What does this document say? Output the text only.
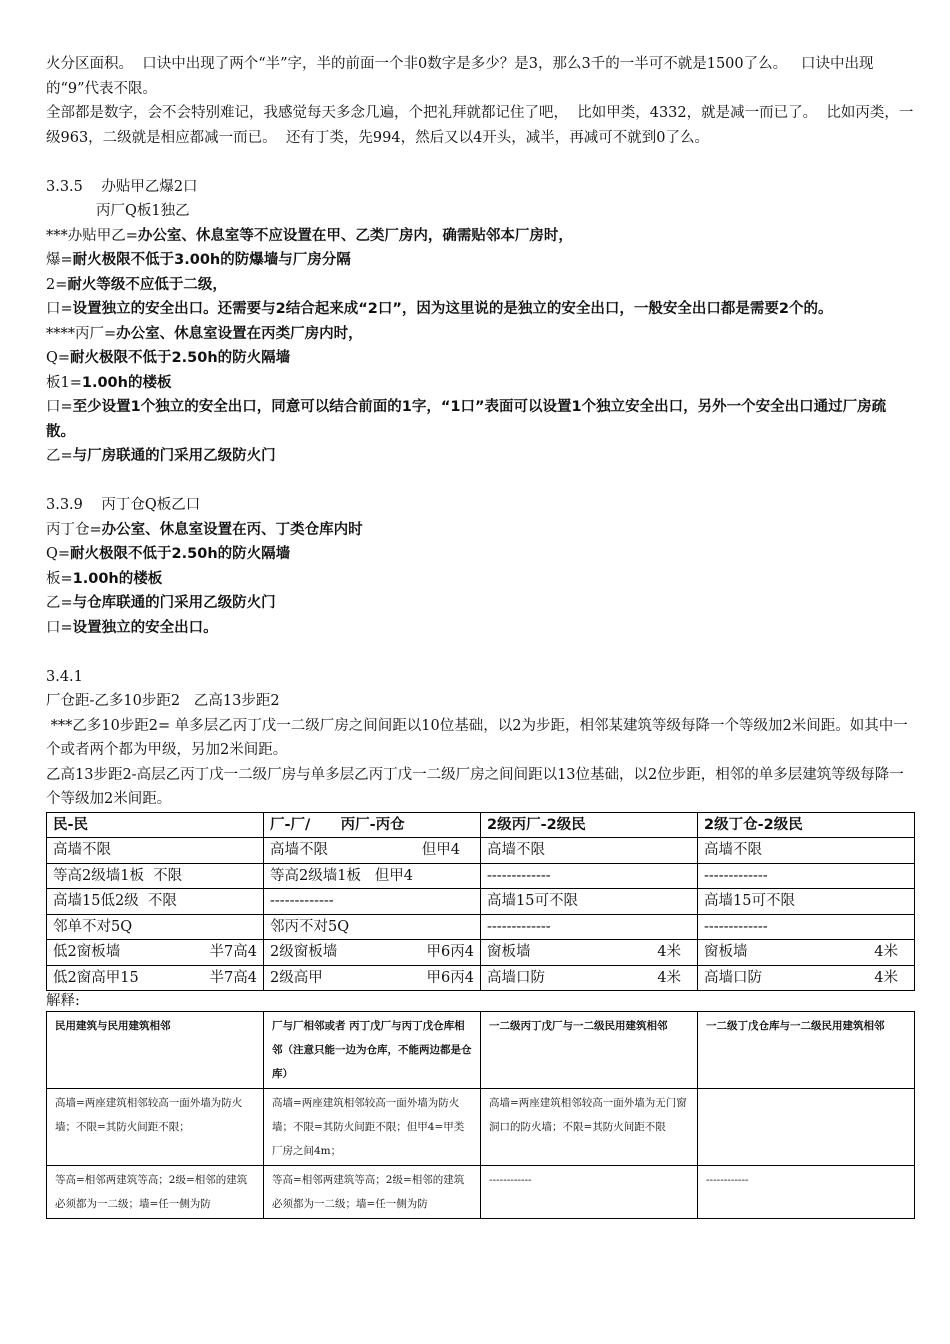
火分区面积。  口诀中出现了两个“半”字，半的前面一个非0数字是多少？是3，那么3千的一半可不就是1500了么。   口诀中出现的“9”代表不限。

全部都是数字，会不会特别难记，我感觉每天多念几遍，个把礼拜就都记住了吧，  比如甲类，4332，就是减一而已了。  比如丙类，一级963，二级就是相应都减一而已。  还有丁类，先994，然后又以4开头，减半，再减可不就到0了么。

3.3.5    办贴甲乙爆2口

丙厂Q板1独乙

***办贴甲乙=办公室、休息室等不应设置在甲、乙类厂房内，确需贴邻本厂房时，

爆=耐火极限不低于3.00h的防爆墙与厂房分隔

2=耐火等级不应低于二级，

口=设置独立的安全出口。还需要与2结合起来成“2口”，因为这里说的是独立的安全出口，一般安全出口都是需要2个的。

****丙厂=办公室、休息室设置在丙类厂房内时，

Q=耐火极限不低于2.50h的防火隔墙

板1=1.00h的楼板

口=至少设置1个独立的安全出口，同意可以结合前面的1字，“1口”表面可以设置1个独立安全出口，另外一个安全出口通过厂房疏散。

乙=与厂房联通的门采用乙级防火门

3.3.9    丙丁仓Q板乙口

丙丁仓=办公室、休息室设置在丙、丁类仓库内时

Q=耐火极限不低于2.50h的防火隔墙

板=1.00h的楼板

乙=与仓库联通的门采用乙级防火门

口=设置独立的安全出口。

3.4.1

厂仓距-乙多10步距2   乙高13步距2

***乙多10步距2= 单多层乙丙丁戊一二级厂房之间间距以10位基础，以2为步距，相邻某建筑等级每降一个等级加2米间距。如其中一个或者两个都为甲级，另加2米间距。

乙高13步距2-高层乙丙丁戊一二级厂房与单多层乙丙丁戊一二级厂房之间间距以13位基础，以2位步距，相邻的单多层建筑等级每降一个等级加2米间距。

民-民	厂-厂/      丙厂-丙仓	2级丙厂-2级民	2级丁仓-2级民

高墙不限	高墙不限 但甲4	高墙不限	高墙不限

等高2级墙1板  不限	等高2级墙1板   但甲4	-------------	-------------
高墙15低2级  不限	-------------	高墙15可不限	高墙15可不限
邻单不对5Q	邻丙不对5Q	-------------	-------------

低2窗板墙 半7高4	2级窗板墙 甲6丙4	窗板墙 4米	窗板墙 4米

低2窗高甲15 半7高4	2级高甲 甲6丙4	高墙口防 4米	高墙口防 4米

解释:

民用建筑与民用建筑相邻	厂与厂相邻或者 丙丁戊厂与丙丁戊仓库相邻（注意只能一边为仓库，不能两边都是仓库）	一二级丙丁戊厂与一二级民用建筑相邻	一二级丁戊仓库与一二级民用建筑相邻
高墙=两座建筑相邻较高一面外墙为防火墙；不限=其防火间距不限；	高墙=两座建筑相邻较高一面外墙为防火墙；不限=其防火间距不限；但甲4=甲类厂房之间4m；	高墙=两座建筑相邻较高一面外墙为无门窗洞口的防火墙；不限=其防火间距不限	
等高=相邻两建筑等高；2级=相邻的建筑必须都为一二级；墙=任一侧为防	等高=相邻两建筑等高；2级=相邻的建筑必须都为一二级；墙=任一侧为防	------------	------------
